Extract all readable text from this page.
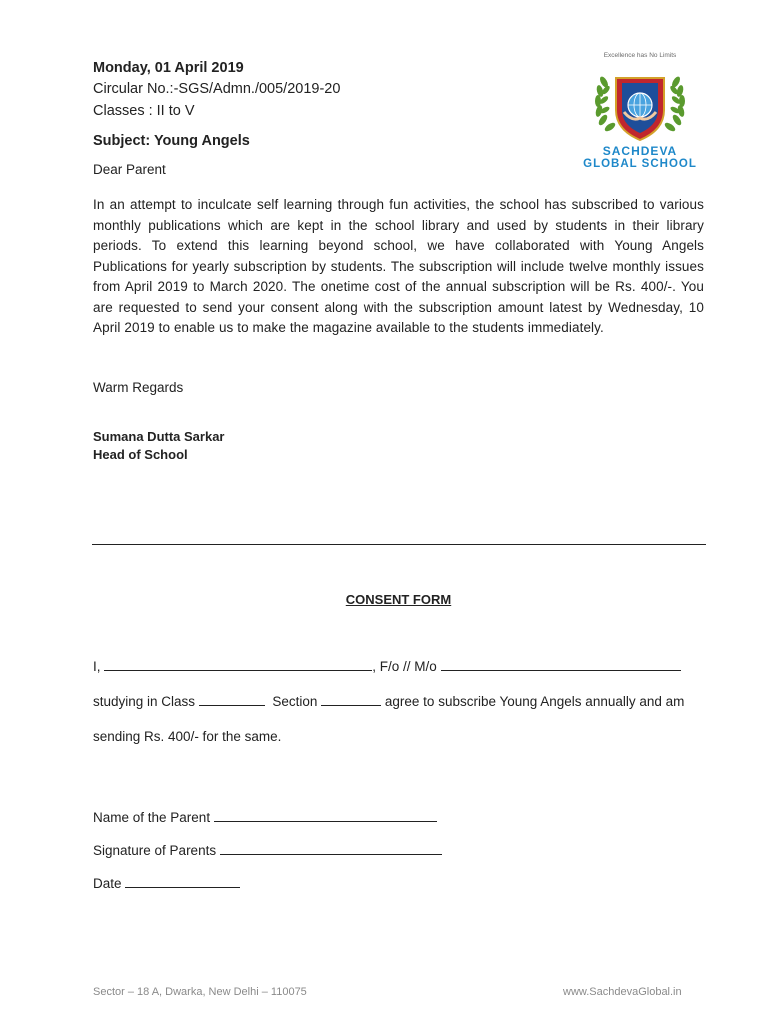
Monday, 01 April 2019
Circular No.:-SGS/Admn./005/2019-20
Classes : II to V
Subject: Young Angels
Excellence has No Limits
SACHDEVA
GLOBAL SCHOOL
Dear Parent
In an attempt to inculcate self learning through fun activities, the school has subscribed to various monthly publications which are kept in the school library and used by students in their library periods. To extend this learning beyond school, we have collaborated with Young Angels Publications for yearly subscription by students. The subscription will include twelve monthly issues from April 2019 to March 2020. The onetime cost of the annual subscription will be Rs. 400/-. You are requested to send your consent along with the subscription amount latest by Wednesday, 10 April 2019 to enable us to make the magazine available to the students immediately.
Warm Regards
Sumana Dutta Sarkar
Head of School
CONSENT FORM
I,	, F/o // M/o
studying in Class	Section	agree to subscribe Young Angels annually and am
sending Rs. 400/- for the same.
Name of the Parent
Signature of Parents
Date
Sector – 18 A, Dwarka, New Delhi – 110075	www.SachdevaGlobal.in
